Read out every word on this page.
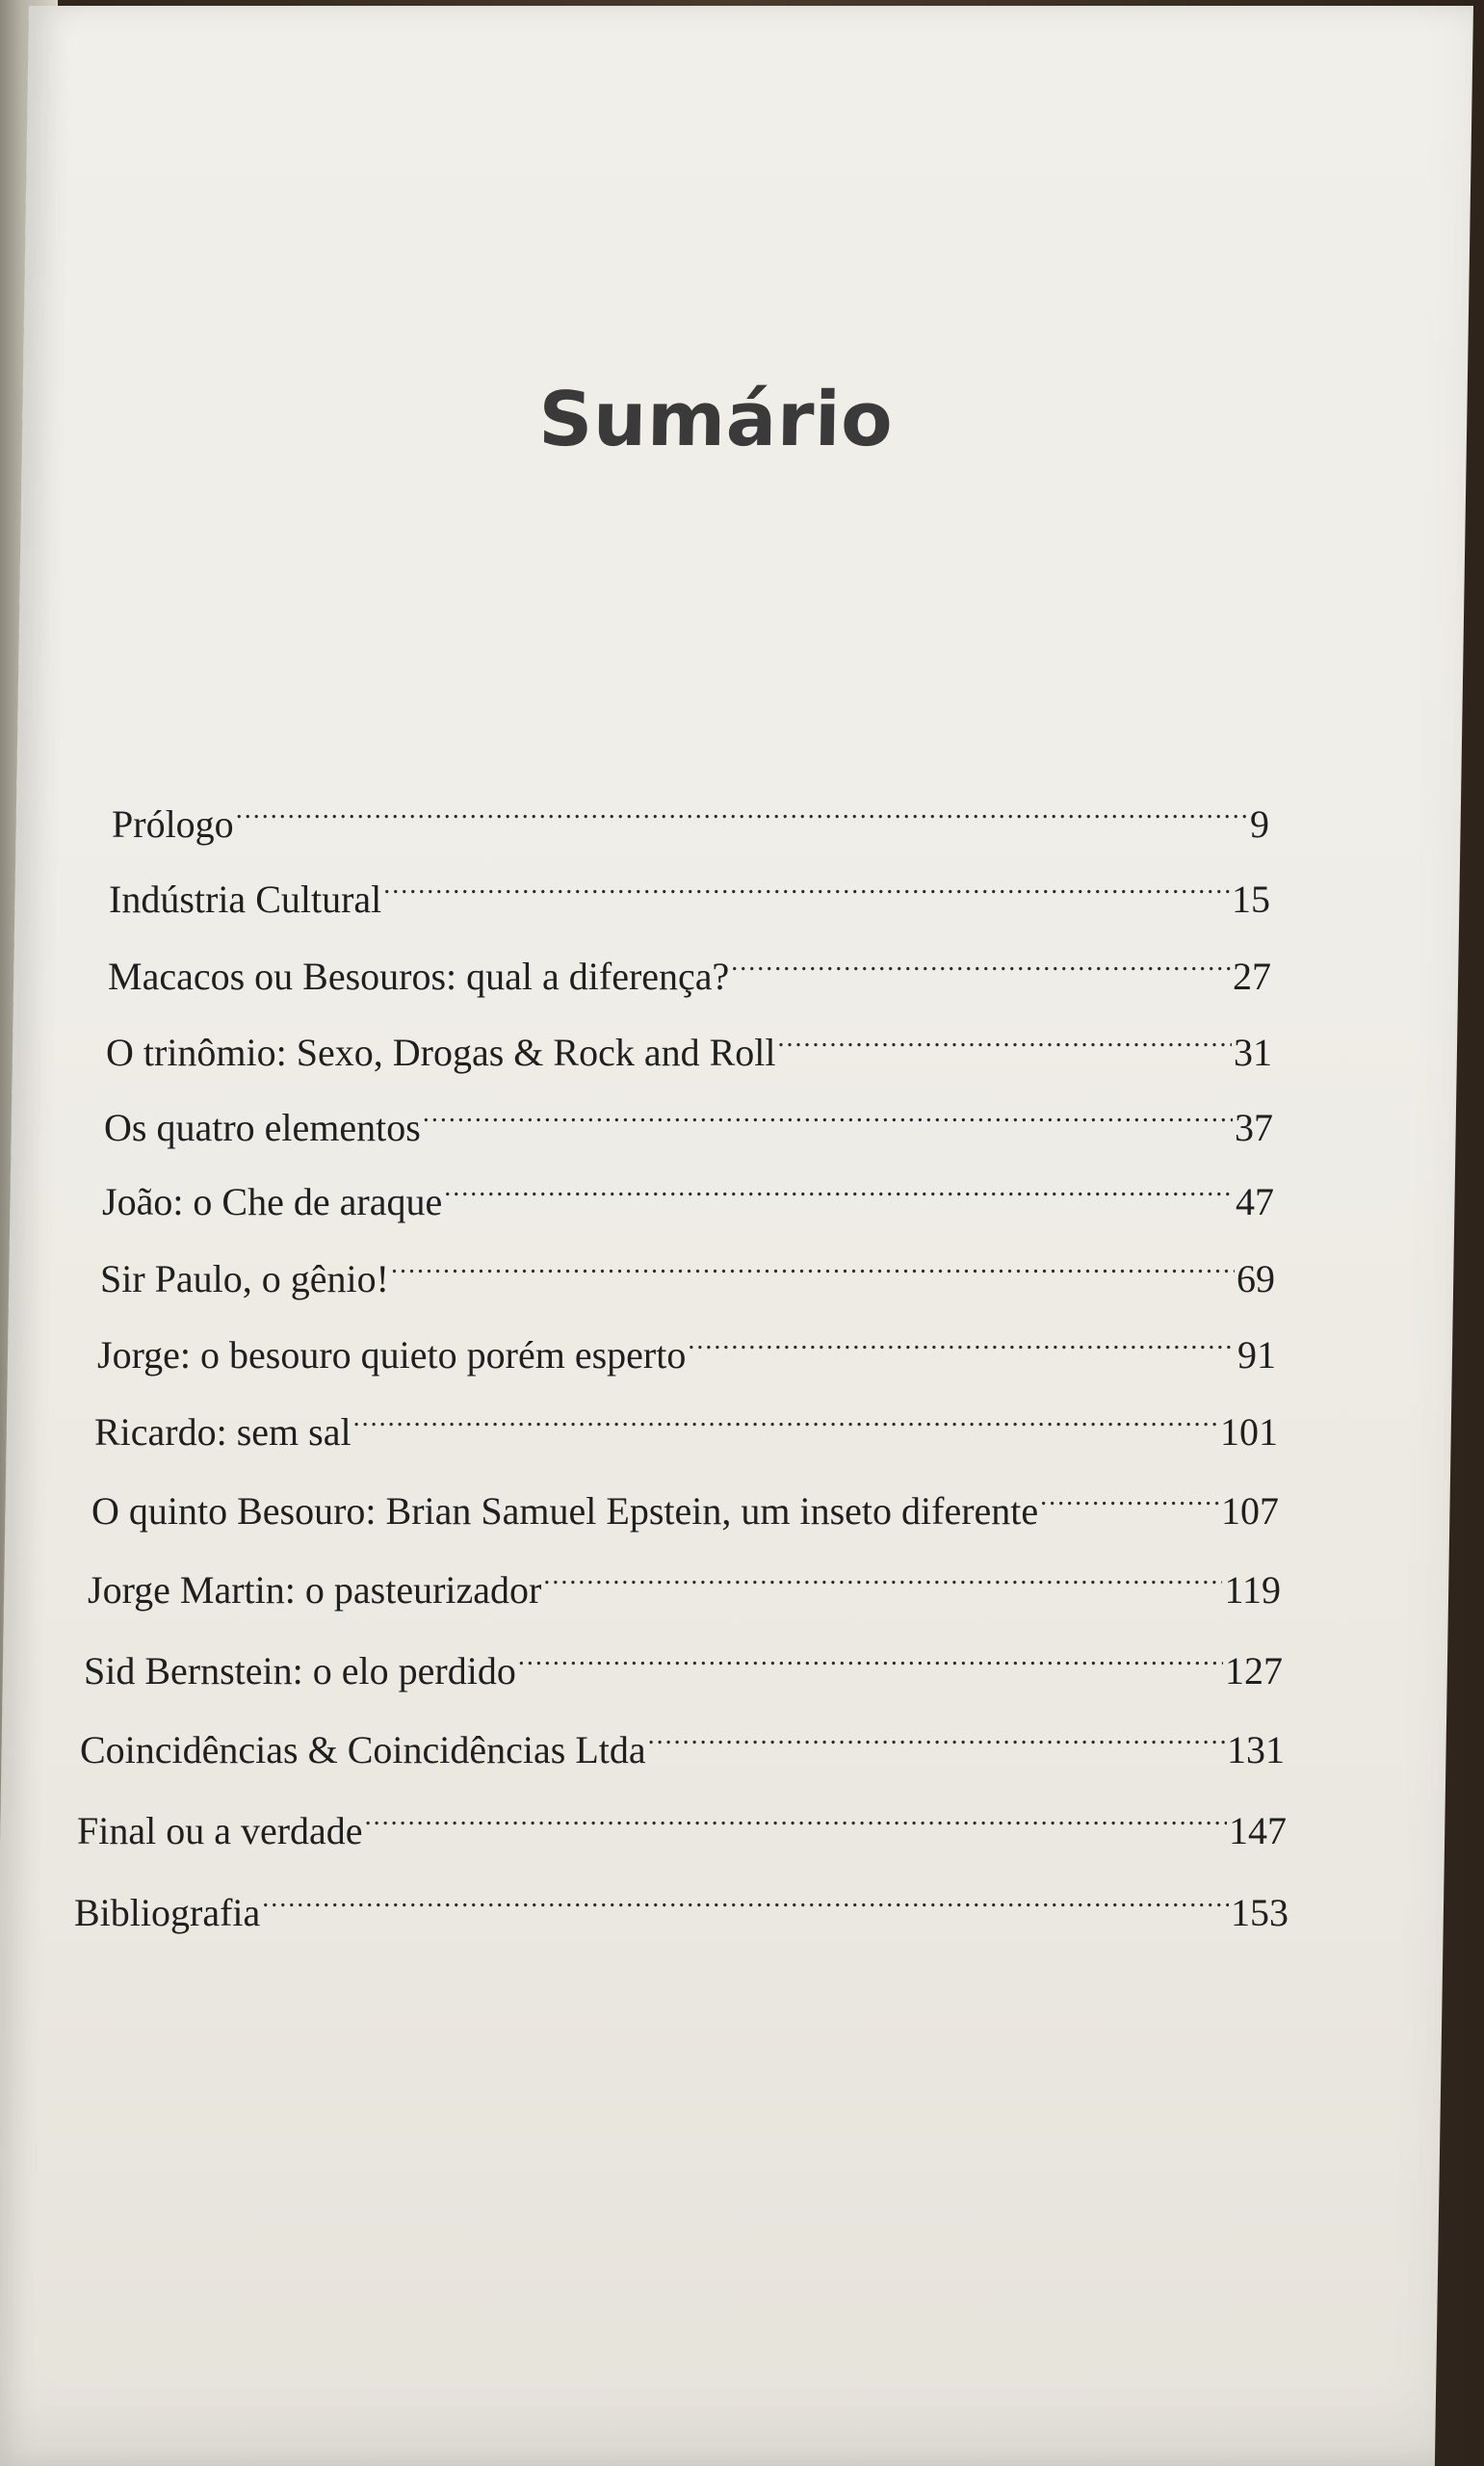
Sumário
Prólogo .....	9
Indústria Cultural .....	15
Macacos ou Besouros: qual a diferença? .....	27
O trinômio: Sexo, Drogas & Rock and Roll .....	31
Os quatro elementos .....	37
João: o Che de araque .....	47
Sir Paulo, o gênio! .....	69
Jorge: o besouro quieto porém esperto .....	91
Ricardo: sem sal .....	101
O quinto Besouro: Brian Samuel Epstein, um inseto diferente .....	107
Jorge Martin: o pasteurizador .....	119
Sid Bernstein: o elo perdido .....	127
Coincidências & Coincidências Ltda .....	131
Final ou a verdade .....	147
Bibliografia .....	153
